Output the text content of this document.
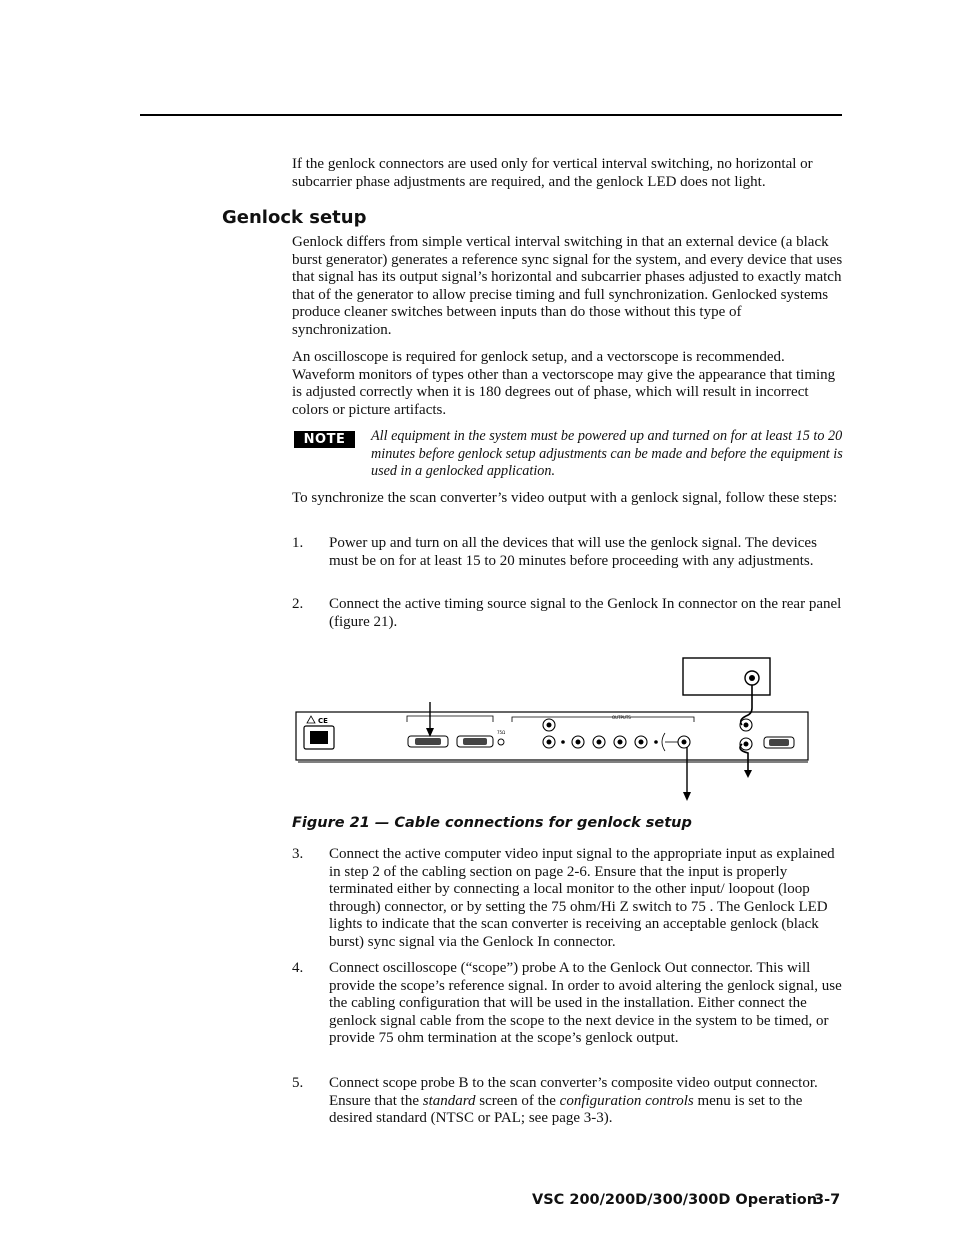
If the genlock connectors are used only for vertical interval switching, no horizontal or subcarrier phase adjustments are required, and the genlock LED does not light.

Genlock setup

Genlock differs from simple vertical interval switching in that an external device (a black burst generator) generates a reference sync signal for the system, and every device that uses that signal has its output signal’s horizontal and subcarrier phases adjusted to exactly match that of the generator to allow precise timing and full synchronization. Genlocked systems produce cleaner switches between inputs than do those without this type of synchronization.

An oscilloscope is required for genlock setup, and a vectorscope is recommended. Waveform monitors of types other than a vectorscope may give the appearance that timing is adjusted correctly when it is 180 degrees out of phase, which will result in incorrect colors or picture artifacts.

NOTE	All equipment in the system must be powered up and turned on for at least 15 to 20 minutes before genlock setup adjustments can be made and before the equipment is used in a genlocked application.

To synchronize the scan converter’s video output with a genlock signal, follow these steps:

1. Power up and turn on all the devices that will use the genlock signal. The devices must be on for at least 15 to 20 minutes before proceeding with any adjustments.

2. Connect the active timing source signal to the Genlock In connector on the rear panel (figure 21).

CE
75Ω
OUTPUTS

Figure 21 — Cable connections for genlock setup

3. Connect the active computer video input signal to the appropriate input as explained in step 2 of the cabling section on page 2-6. Ensure that the input is properly terminated either by connecting a local monitor to the other input/ loopout (loop through) connector, or by setting the 75 ohm/Hi Z switch to 75 . The Genlock LED lights to indicate that the scan converter is receiving an acceptable genlock (black burst) sync signal via the Genlock In connector.

4. Connect oscilloscope (“scope”) probe A to the Genlock Out connector. This will provide the scope’s reference signal. In order to avoid altering the genlock signal, use the cabling configuration that will be used in the installation. Either connect the genlock signal cable from the scope to the next device in the system to be timed, or provide 75 ohm termination at the scope’s genlock output.

5. Connect scope probe B to the scan converter’s composite video output connector. Ensure that the standard screen of the configuration controls menu is set to the desired standard (NTSC or PAL; see page 3-3).

VSC 200/200D/300/300D Operation
3-7
